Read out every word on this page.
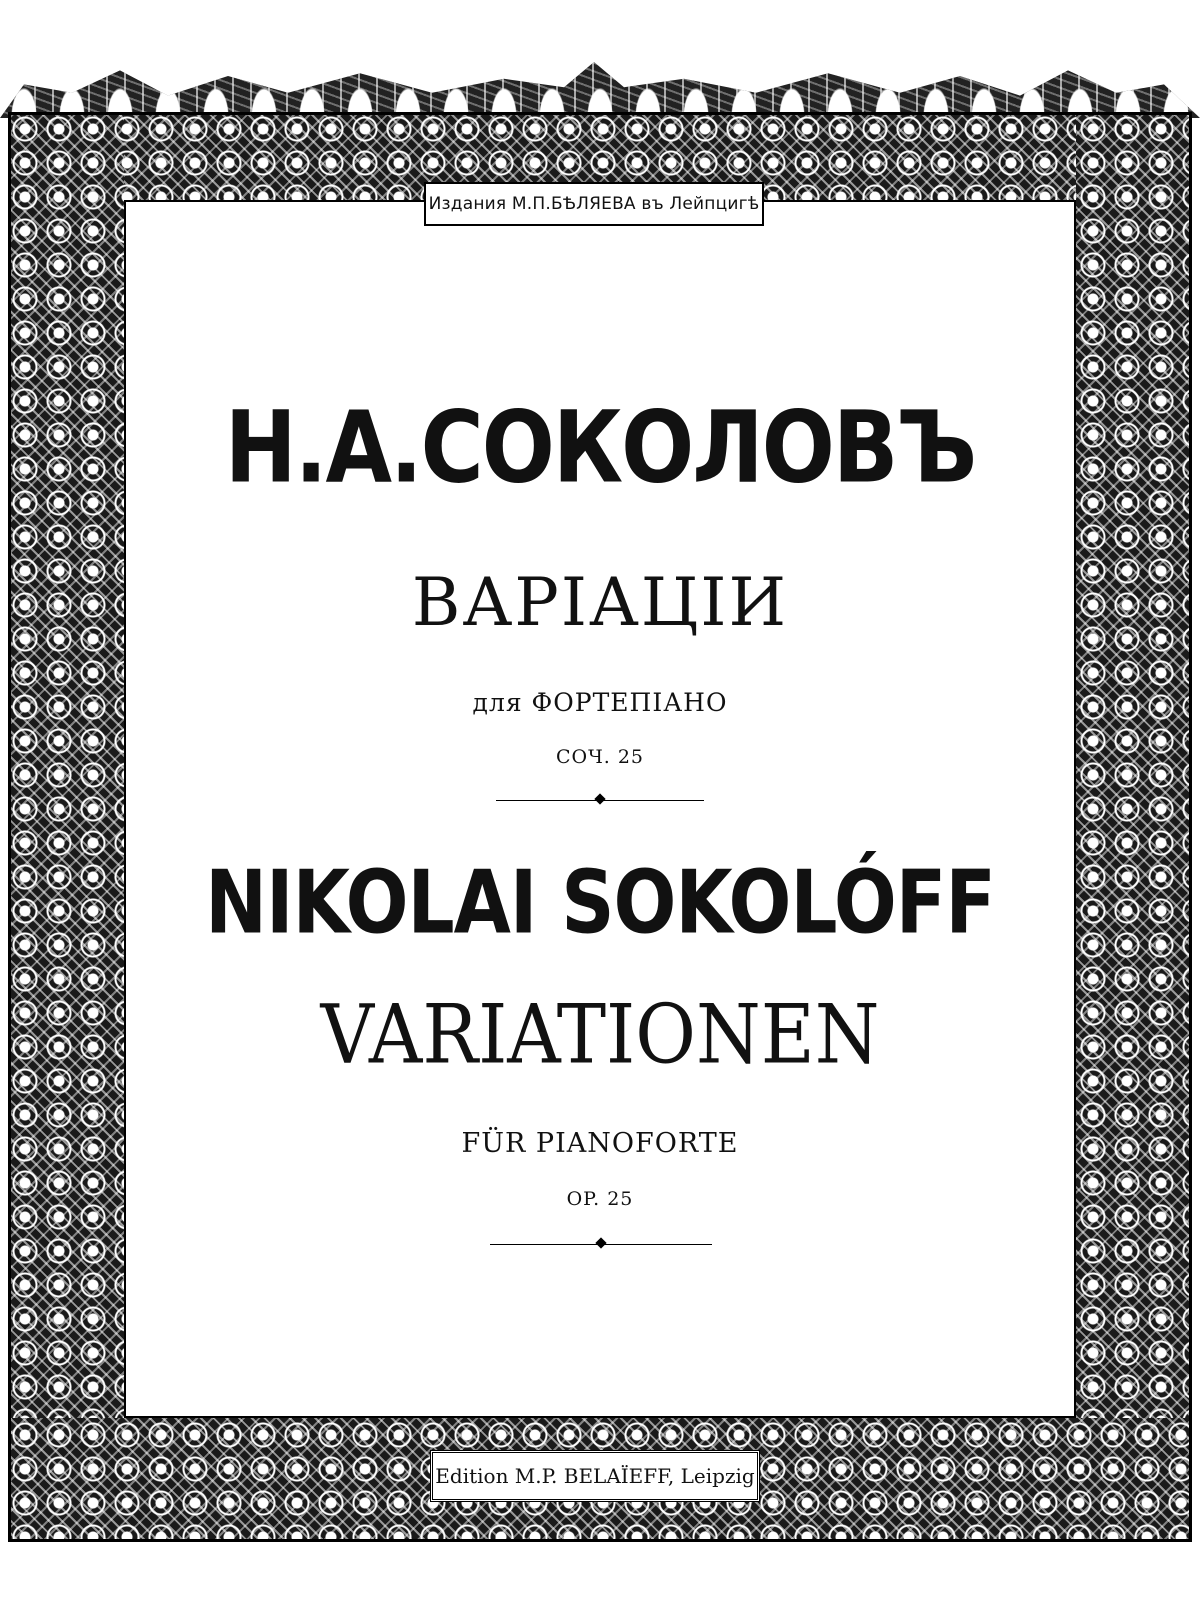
Издания М.П.БѢЛЯЕВА въ Лейпцигѣ
Edition M.P. BELAÏEFF, Leipzig
Н.А.СОКОЛОВЪ
ВАРІАЦІИ
для ФОРТЕПІАНО
СОЧ. 25
NIKOLAI SOKOLÓFF
VARIATIONEN
FÜR PIANOFORTE
OP. 25
